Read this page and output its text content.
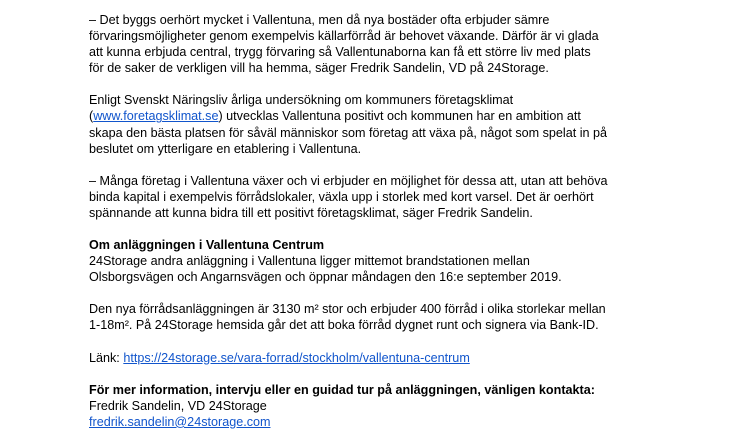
– Det byggs oerhört mycket i Vallentuna, men då nya bostäder ofta erbjuder sämre
förvaringsmöjligheter genom exempelvis källarförråd är behovet växande. Därför är vi glada
att kunna erbjuda central, trygg förvaring så Vallentunaborna kan få ett större liv med plats
för de saker de verkligen vill ha hemma, säger Fredrik Sandelin, VD på 24Storage.

Enligt Svenskt Näringsliv årliga undersökning om kommuners företagsklimat
(www.foretagsklimat.se) utvecklas Vallentuna positivt och kommunen har en ambition att
skapa den bästa platsen för såväl människor som företag att växa på, något som spelat in på
beslutet om ytterligare en etablering i Vallentuna.

– Många företag i Vallentuna växer och vi erbjuder en möjlighet för dessa att, utan att behöva
binda kapital i exempelvis förrådslokaler, växla upp i storlek med kort varsel. Det är oerhört
spännande att kunna bidra till ett positivt företagsklimat, säger Fredrik Sandelin.

Om anläggningen i Vallentuna Centrum
24Storage andra anläggning i Vallentuna ligger mittemot brandstationen mellan
Olsborgsvägen och Angarnsvägen och öppnar måndagen den 16:e september 2019.

Den nya förrådsanläggningen är 3130 m² stor och erbjuder 400 förråd i olika storlekar mellan
1-18m². På 24Storage hemsida går det att boka förråd dygnet runt och signera via Bank-ID.

Länk: https://24storage.se/vara-forrad/stockholm/vallentuna-centrum

För mer information, intervju eller en guidad tur på anläggningen, vänligen kontakta:
Fredrik Sandelin, VD 24Storage
fredrik.sandelin@24storage.com
